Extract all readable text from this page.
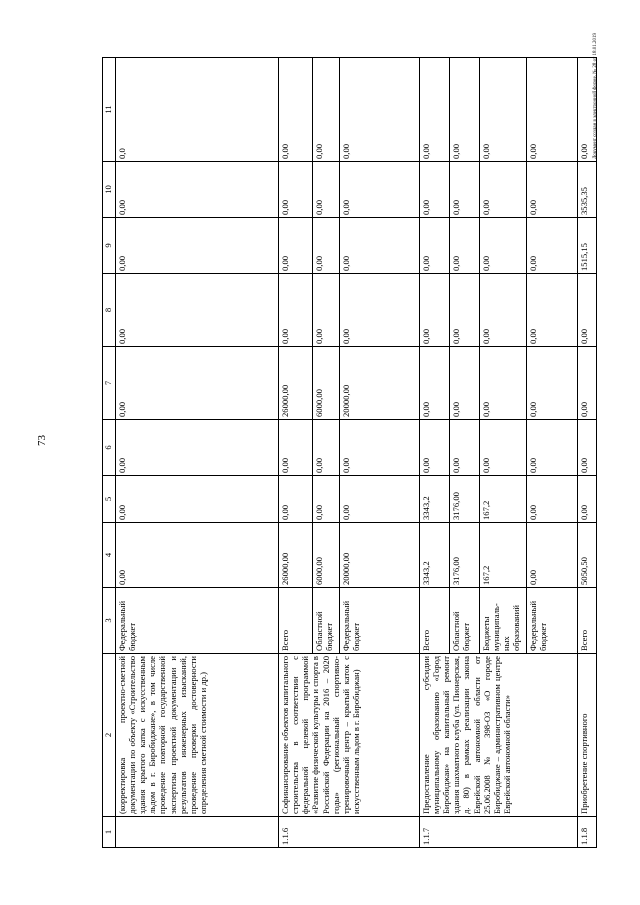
73
1	2	3	4	5	6	7	8	9	10	11
	(корректировка проектно-сметной документации по объекту «Строительство здания крытого катка с искусственным льдом в г. Биробиджане», в том числе проведение повторной государственной экспертизы проектной документации и результатов инженерных изысканий, проведение проверки достоверности определения сметной стоимости и др.)	Федеральный бюджет	0,00	0,00	0,00	0,00	0,00	0,00	0,00	0,0
1.1.6	Софинансирование объектов капитального строительства в соответствии с федеральной целевой программой «Развитие физической культуры и спорта в Российской Федерации на 2016 – 2020 годы» (региональный спортивно-тренировочный центр – крытый каток с искусственным льдом в г. Биробиджан)	Всего	26000,00	0,00	0,00	26000,00	0,00	0,00	0,00	0,00
		Областной бюджет	6000,00	0,00	0,00	6000,00	0,00	0,00	0,00	0,00
		Федеральный бюджет	20000,00	0,00	0,00	20000,00	0,00	0,00	0,00	0,00
1.1.7	Предоставление субсидии муниципальному образованию «Город Биробиджан» на капитальный ремонт здания шахматного клуба (ул. Пионерская, д. 80) в рамках реализации закона Еврейской автономной области от 25.06.2008 № 398-ОЗ «О городе Биробиджане – административном центре Еврейской автономной области»	Всего	3343,2	3343,2	0,00	0,00	0,00	0,00	0,00	0,00
		Областной бюджет	3176,00	3176,00	0,00	0,00	0,00	0,00	0,00	0,00
		Бюджеты муниципаль-ных образований	167,2	167,2	0,00	0,00	0,00	0,00	0,00	0,00
		Федеральный бюджет	0,00	0,00	0,00	0,00	0,00	0,00	0,00	0,00
1.1.8	Приобретение спортивного	Всего	5050,50	0,00	0,00	0,00	0,00	1515,15	3535,35	0,00 Документ создан в электронной форме. № 28 от 18.01.2019
